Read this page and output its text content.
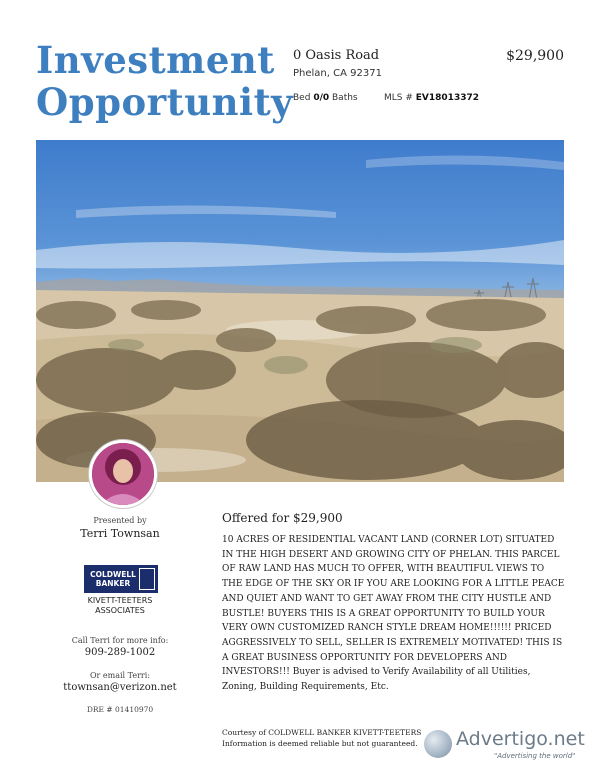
Investment
Opportunity
0 Oasis Road
Phelan, CA 92371
$29,900
Bed 0/0 Baths	MLS # EV18013372
Presented by
Terri Townsan
COLDWELL
BANKER
KIVETT-TEETERS
ASSOCIATES
Call Terri for more info:
909-289-1002
Or email Terri:
ttownsan@verizon.net
DRE # 01410970
Offered for $29,900
10 ACRES OF RESIDENTIAL VACANT LAND (CORNER LOT) SITUATED IN THE HIGH DESERT AND GROWING CITY OF PHELAN. THIS PARCEL OF RAW LAND HAS MUCH TO OFFER, WITH BEAUTIFUL VIEWS TO THE EDGE OF THE SKY OR IF YOU ARE LOOKING FOR A LITTLE PEACE AND QUIET AND WANT TO GET AWAY FROM THE CITY HUSTLE AND BUSTLE! BUYERS THIS IS A GREAT OPPORTUNITY TO BUILD YOUR VERY OWN CUSTOMIZED RANCH STYLE DREAM HOME!!!!!! PRICED AGGRESSIVELY TO SELL, SELLER IS EXTREMELY MOTIVATED! THIS IS A GREAT BUSINESS OPPORTUNITY FOR DEVELOPERS AND INVESTORS!!! Buyer is advised to Verify Availability of all Utilities, Zoning, Building Requirements, Etc.
Courtesy of COLDWELL BANKER KIVETT-TEETERS
Information is deemed reliable but not guaranteed. Advertigo.net
"Advertising the world"
